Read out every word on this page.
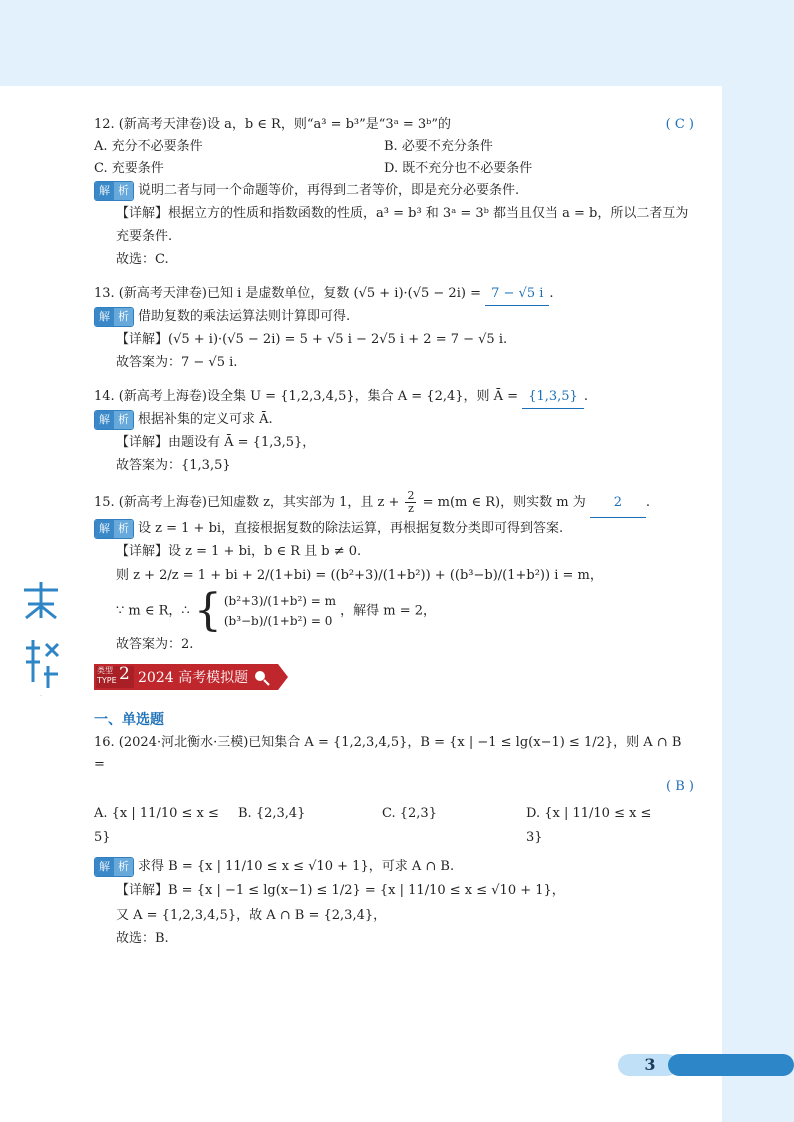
未来
12. (新高考天津卷)设 a，b ∈ R，则“a³ = b³”是“3ᵃ = 3ᵇ”的	( C )
A. 充分不必要条件	B. 必要不充分条件
C. 充要条件	D. 既不充分也不必要条件
解 析 说明二者与同一个命题等价，再得到二者等价，即是充分必要条件.
【详解】根据立方的性质和指数函数的性质，a³ = b³ 和 3ᵃ = 3ᵇ 都当且仅当 a = b，所以二者互为充要条件.
故选：C.
13. (新高考天津卷)已知 i 是虚数单位，复数 (√5 + i)·(√5 − 2i) = 7 − √5 i .
解 析 借助复数的乘法运算法则计算即可得.
【详解】(√5 + i)·(√5 − 2i) = 5 + √5 i − 2√5 i + 2 = 7 − √5 i.
故答案为：7 − √5 i.
14. (新高考上海卷)设全集 U = {1,2,3,4,5}，集合 A = {2,4}，则 Ā = {1,3,5} .
解 析 根据补集的定义可求 Ā.
【详解】由题设有 Ā = {1,3,5}，
故答案为：{1,3,5}
15. (新高考上海卷)已知虚数 z，其实部为 1，且 $z + \frac{2}{z} = m(m$ ∈ R)，则实数 m 为 2 .
解 析 设 z = 1 + bi，直接根据复数的除法运算，再根据复数分类即可得到答案.
【详解】设 z = 1 + bi，b ∈ R 且 b ≠ 0.
则 z + 2/z = 1 + bi + 2/(1+bi) = ((b²+3)/(1+b²)) + ((b³−b)/(1+b²)) i = m，
∵ m ∈ R，∴ { (b²+3)/(1+b²) = m
(b³−b)/(1+b²) = 0
，解得 m = 2，
故答案为：2.
类型
TYPE 2 2024 高考模拟题
一、单选题
16. (2024·河北衡水·三模)已知集合 A = {1,2,3,4,5}，B = {x | −1 ≤ lg(x−1) ≤ 1/2}，则 A ∩ B =
( B )
A. {x | 11/10 ≤ x ≤ 5}
B. {2,3,4}	C. {2,3}	D. {x | 11/10 ≤ x ≤ 3}
解 析 求得 B = {x | 11/10 ≤ x ≤ √10 + 1}，可求 A ∩ B.
【详解】B = {x | −1 ≤ lg(x−1) ≤ 1/2} = {x | 11/10 ≤ x ≤ √10 + 1}，
又 A = {1,2,3,4,5}，故 A ∩ B = {2,3,4}，
故选：B.
3
